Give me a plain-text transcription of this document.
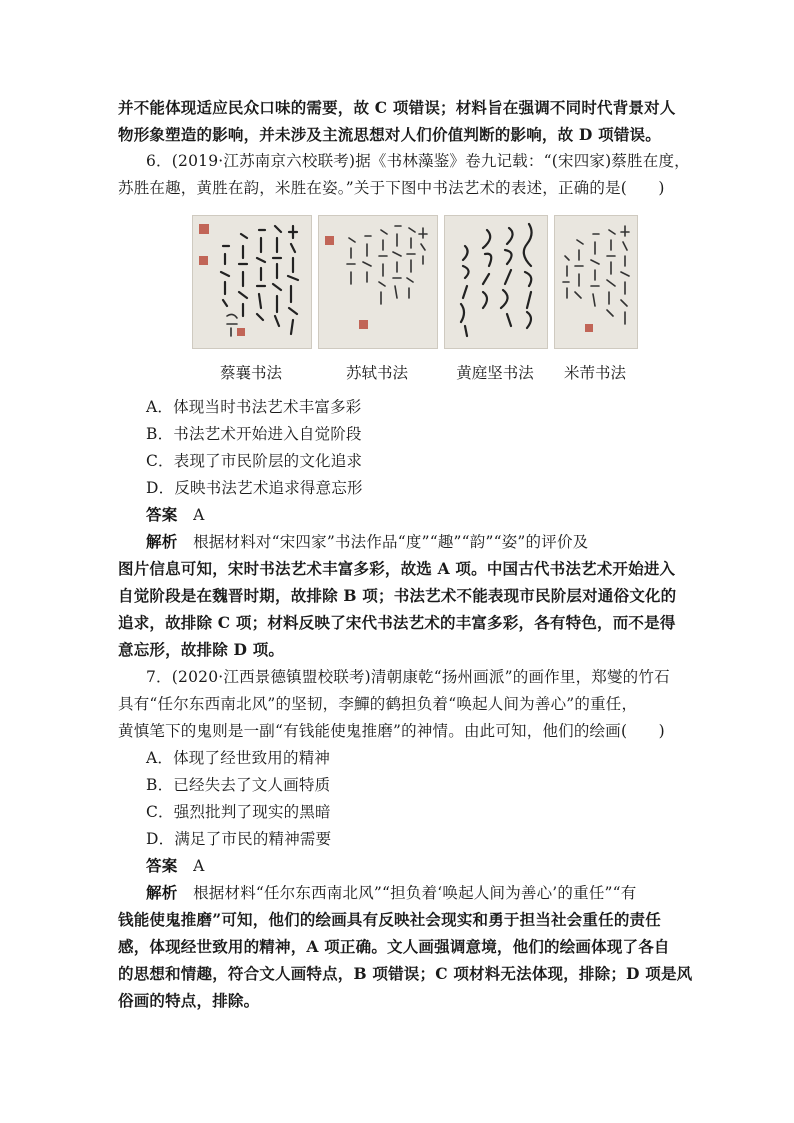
并不能体现适应民众口味的需要，故 C 项错误；材料旨在强调不同时代背景对人
物形象塑造的影响，并未涉及主流思想对人们价值判断的影响，故 D 项错误。
6．(2019·江苏南京六校联考)据《书林藻鉴》卷九记载：“(宋四家)蔡胜在度，
苏胜在趣，黄胜在韵，米胜在姿。”关于下图中书法艺术的表述，正确的是(　　)
蔡襄书法	苏轼书法	黄庭坚书法	米芾书法
A．体现当时书法艺术丰富多彩
B．书法艺术开始进入自觉阶段
C．表现了市民阶层的文化追求
D．反映书法艺术追求得意忘形
答案　 A
解析　 根据材料对“宋四家”书法作品“度”“趣”“韵”“姿”的评价及
图片信息可知，宋时书法艺术丰富多彩，故选 A 项。中国古代书法艺术开始进入
自觉阶段是在魏晋时期，故排除 B 项；书法艺术不能表现市民阶层对通俗文化的
追求，故排除 C 项；材料反映了宋代书法艺术的丰富多彩，各有特色，而不是得
意忘形，故排除 D 项。
7．(2020·江西景德镇盟校联考)清朝康乾“扬州画派”的画作里，郑燮的竹石
具有“任尔东西南北风”的坚韧，李鱓的鹤担负着“唤起人间为善心”的重任，
黄慎笔下的鬼则是一副“有钱能使鬼推磨”的神情。由此可知，他们的绘画(　　)
A．体现了经世致用的精神
B．已经失去了文人画特质
C．强烈批判了现实的黑暗
D．满足了市民的精神需要
答案　 A
解析　 根据材料“任尔东西南北风”“担负着‘唤起人间为善心’的重任”“有
钱能使鬼推磨”可知，他们的绘画具有反映社会现实和勇于担当社会重任的责任
感，体现经世致用的精神，A 项正确。文人画强调意境，他们的绘画体现了各自
的思想和情趣，符合文人画特点，B 项错误；C 项材料无法体现，排除；D 项是风
俗画的特点，排除。
